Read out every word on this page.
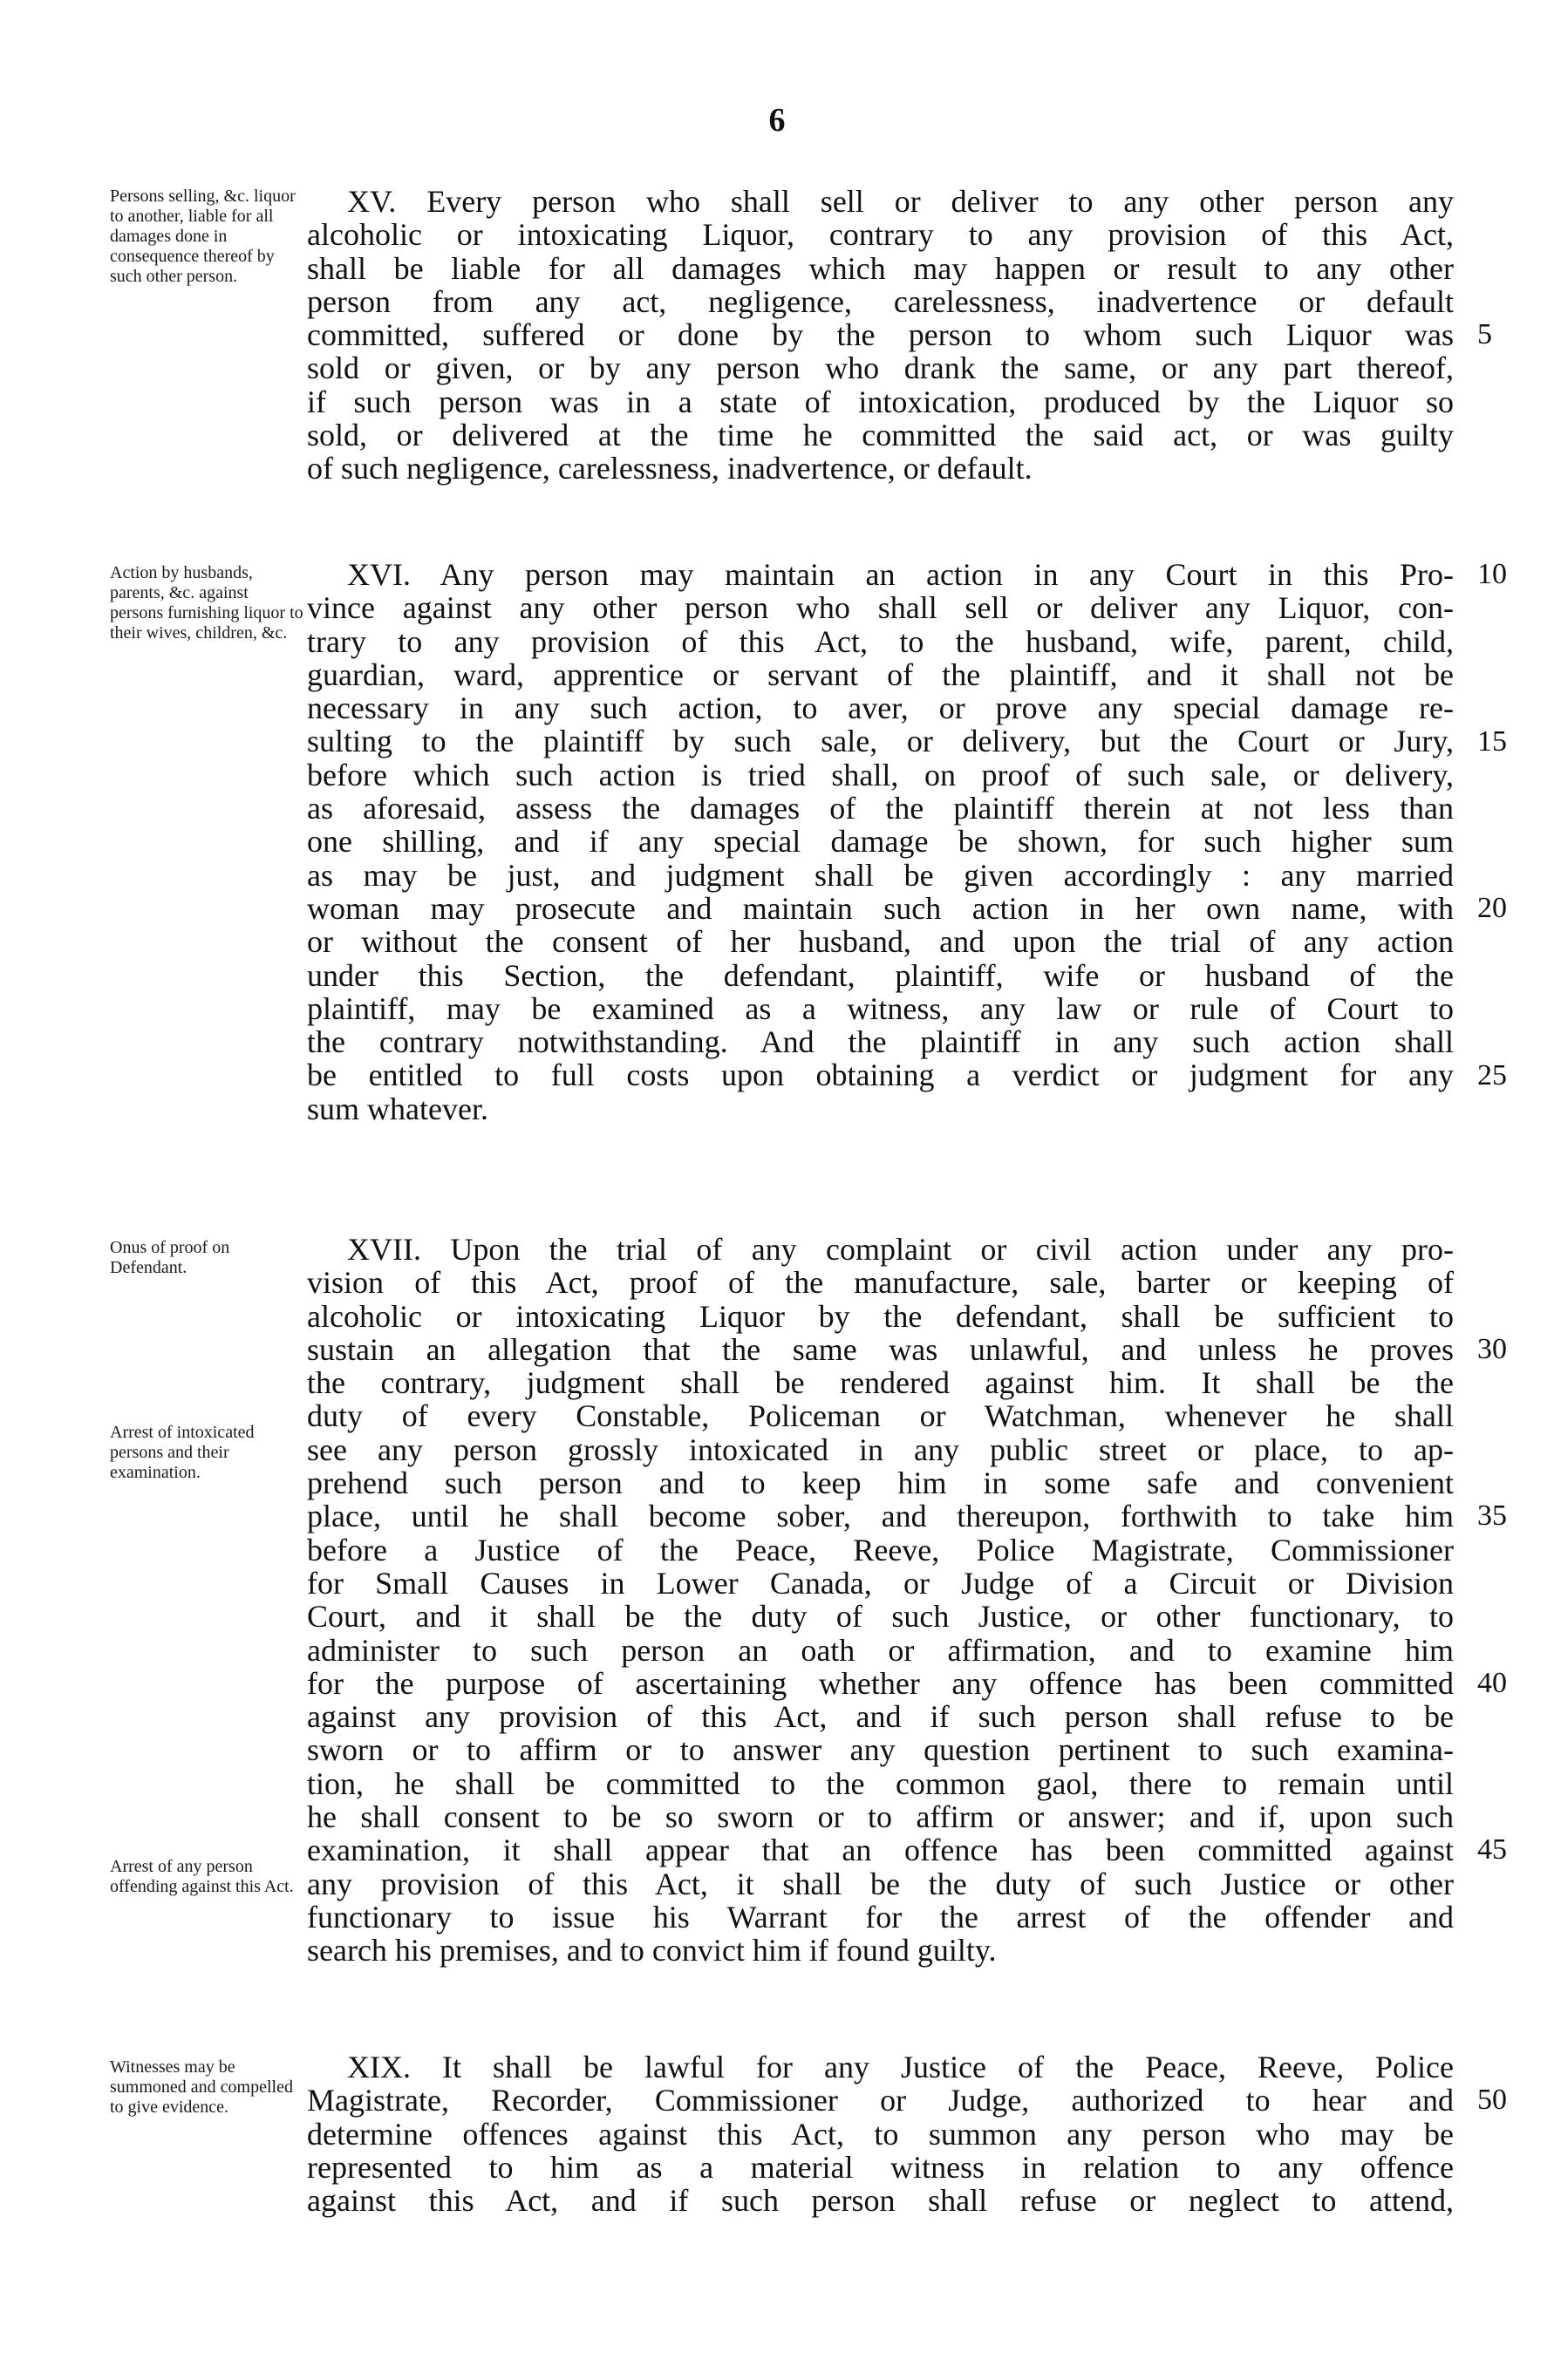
6
Persons selling, &c. liquor to another, liable for all damages done in consequence thereof by such other person.
XV. Every person who shall sell or deliver to any other person any
alcoholic or intoxicating Liquor, contrary to any provision of this Act,
shall be liable for all damages which may happen or result to any other
person from any act, negligence, carelessness, inadvertence or default
committed, suffered or done by the person to whom such Liquor was
sold or given, or by any person who drank the same, or any part thereof,
if such person was in a state of intoxication, produced by the Liquor so
sold, or delivered at the time he committed the said act, or was guilty
of such negligence, carelessness, inadvertence, or default.
5
Action by husbands, parents, &c. against persons furnishing liquor to their wives, children, &c.
XVI. Any person may maintain an action in any Court in this Pro-
vince against any other person who shall sell or deliver any Liquor, con-
trary to any provision of this Act, to the husband, wife, parent, child,
guardian, ward, apprentice or servant of the plaintiff, and it shall not be
necessary in any such action, to aver, or prove any special damage re-
sulting to the plaintiff by such sale, or delivery, but the Court or Jury,
before which such action is tried shall, on proof of such sale, or delivery,
as aforesaid, assess the damages of the plaintiff therein at not less than
one shilling, and if any special damage be shown, for such higher sum
as may be just, and judgment shall be given accordingly : any married
woman may prosecute and maintain such action in her own name, with
or without the consent of her husband, and upon the trial of any action
under this Section, the defendant, plaintiff, wife or husband of the
plaintiff, may be examined as a witness, any law or rule of Court to
the contrary notwithstanding. And the plaintiff in any such action shall
be entitled to full costs upon obtaining a verdict or judgment for any
sum whatever.
10
15
20
25
Onus of proof on Defendant.
Arrest of intoxicated persons and their examination.
Arrest of any person offending against this Act.
XVII. Upon the trial of any complaint or civil action under any pro-
vision of this Act, proof of the manufacture, sale, barter or keeping of
alcoholic or intoxicating Liquor by the defendant, shall be sufficient to
sustain an allegation that the same was unlawful, and unless he proves
the contrary, judgment shall be rendered against him. It shall be the
duty of every Constable, Policeman or Watchman, whenever he shall
see any person grossly intoxicated in any public street or place, to ap-
prehend such person and to keep him in some safe and convenient
place, until he shall become sober, and thereupon, forthwith to take him
before a Justice of the Peace, Reeve, Police Magistrate, Commissioner
for Small Causes in Lower Canada, or Judge of a Circuit or Division
Court, and it shall be the duty of such Justice, or other functionary, to
administer to such person an oath or affirmation, and to examine him
for the purpose of ascertaining whether any offence has been committed
against any provision of this Act, and if such person shall refuse to be
sworn or to affirm or to answer any question pertinent to such examina-
tion, he shall be committed to the common gaol, there to remain until
he shall consent to be so sworn or to affirm or answer; and if, upon such
examination, it shall appear that an offence has been committed against
any provision of this Act, it shall be the duty of such Justice or other
functionary to issue his Warrant for the arrest of the offender and
search his premises, and to convict him if found guilty.
30
35
40
45
Witnesses may be summoned and compelled to give evidence.
XIX. It shall be lawful for any Justice of the Peace, Reeve, Police
Magistrate, Recorder, Commissioner or Judge, authorized to hear and
determine offences against this Act, to summon any person who may be
represented to him as a material witness in relation to any offence
against this Act, and if such person shall refuse or neglect to attend,
50
